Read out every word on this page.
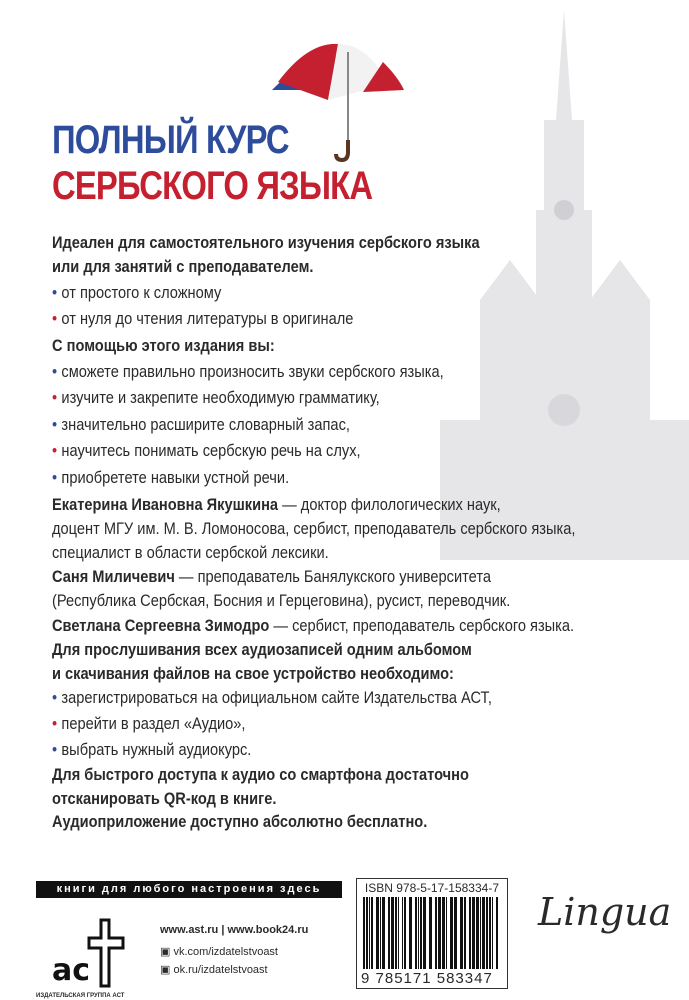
ПОЛНЫЙ КУРС
СЕРБСКОГО ЯЗЫКА
Идеален для самостоятельного изучения сербского языка
или для занятий с преподавателем.
• от простого к сложному
• от нуля до чтения литературы в оригинале
С помощью этого издания вы:
• сможете правильно произносить звуки сербского языка,
• изучите и закрепите необходимую грамматику,
• значительно расширите словарный запас,
• научитесь понимать сербскую речь на слух,
• приобретете навыки устной речи.
Екатерина Ивановна Якушкина — доктор филологических наук,
доцент МГУ им. М. В. Ломоносова, сербист, преподаватель сербского языка,
специалист в области сербской лексики.
Саня Миличевич — преподаватель Банялукского университета
(Республика Сербская, Босния и Герцеговина), русист, переводчик.
Светлана Сергеевна Зимодро — сербист, преподаватель сербского языка.
Для прослушивания всех аудиозаписей одним альбомом
и скачивания файлов на свое устройство необходимо:
• зарегистрироваться на официальном сайте Издательства АСТ,
• перейти в раздел «Аудио»,
• выбрать нужный аудиокурс.
Для быстрого доступа к аудио со смартфона достаточно
отсканировать QR-код в книге.
Аудиоприложение доступно абсолютно бесплатно.
книги для любого настроения здесь
ac
ИЗДАТЕЛЬСКАЯ ГРУППА АСТ
www.ast.ru | www.book24.ru
▣ vk.com/izdatelstvoast
▣ ok.ru/izdatelstvoast
ISBN 978-5-17-158334-7
9 785171 583347
Lingua
